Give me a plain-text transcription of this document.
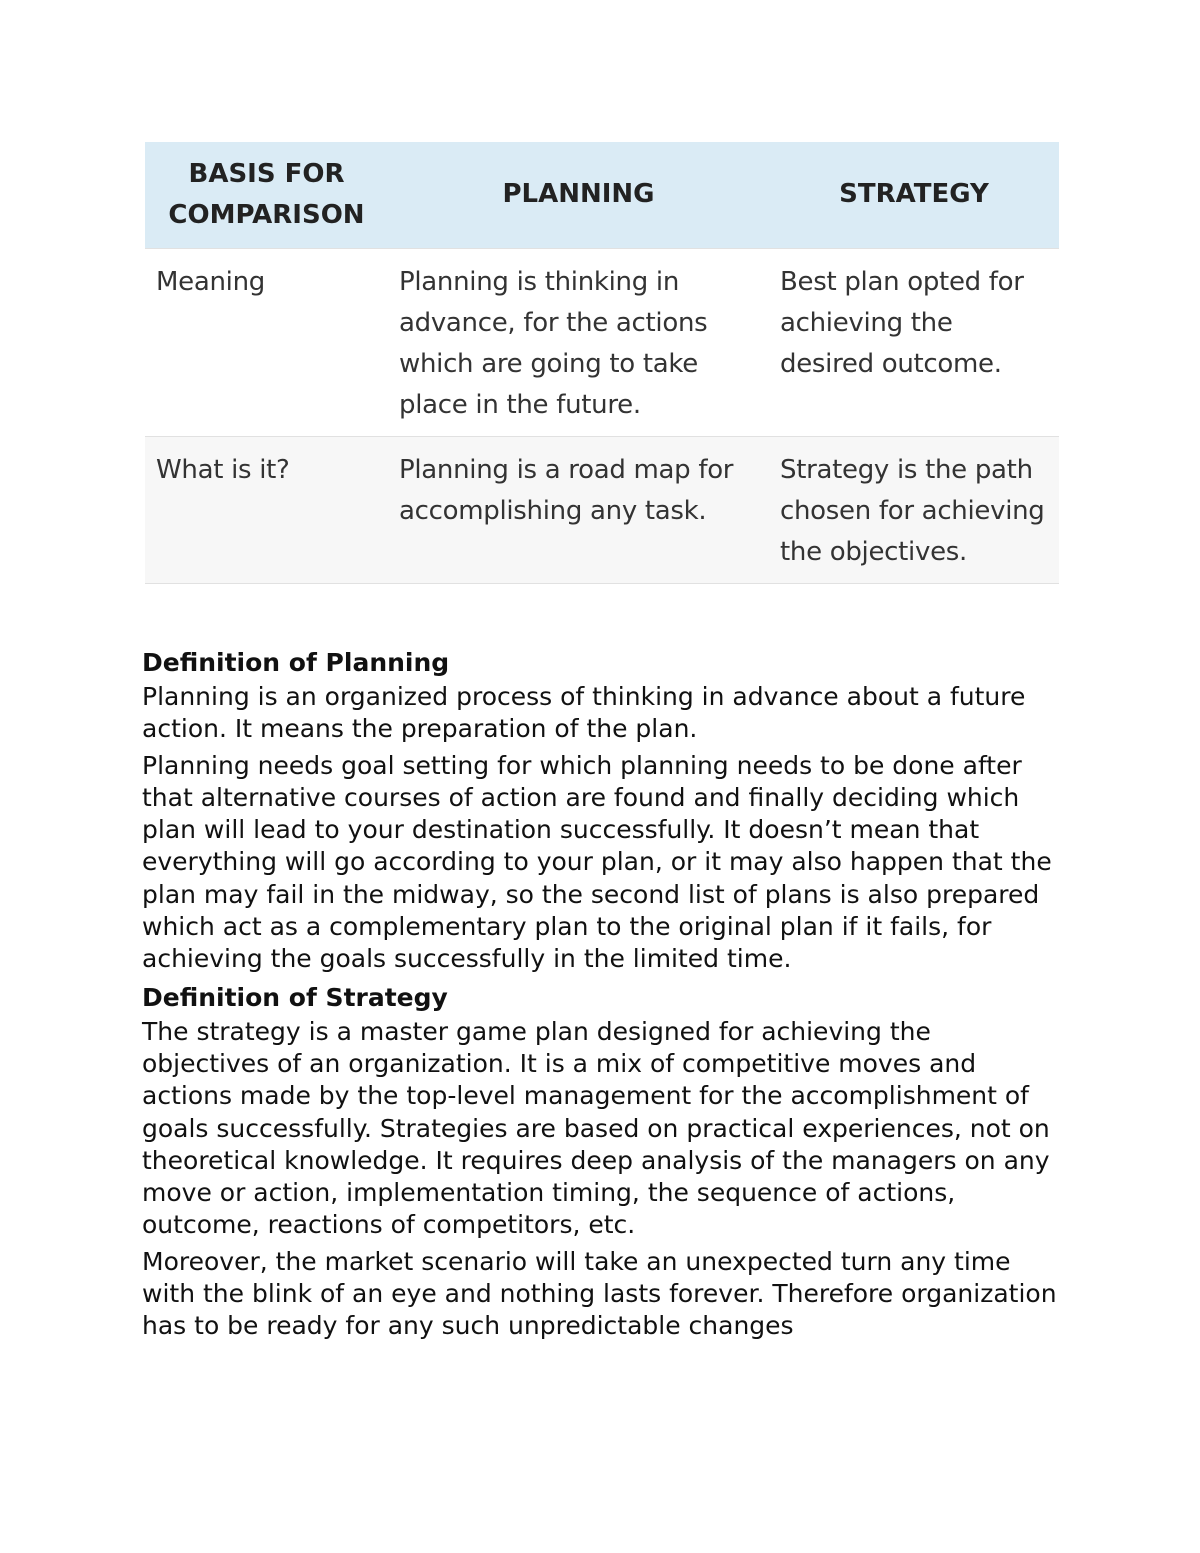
BASIS FOR COMPARISON	PLANNING	STRATEGY
Meaning	Planning is thinking in advance, for the actions which are going to take place in the future.	Best plan opted for achieving the desired outcome.
What is it?	Planning is a road map for accomplishing any task.	Strategy is the path chosen for achieving the objectives.
Definition of Planning

Planning is an organized process of thinking in advance about a future action. It means the preparation of the plan.

Planning needs goal setting for which planning needs to be done after that alternative courses of action are found and finally deciding which plan will lead to your destination successfully. It doesn’t mean that everything will go according to your plan, or it may also happen that the plan may fail in the midway, so the second list of plans is also prepared which act as a complementary plan to the original plan if it fails, for achieving the goals successfully in the limited time.

Definition of Strategy

The strategy is a master game plan designed for achieving the objectives of an organization. It is a mix of competitive moves and actions made by the top-level management for the accomplishment of goals successfully. Strategies are based on practical experiences, not on theoretical knowledge. It requires deep analysis of the managers on any move or action, implementation timing, the sequence of actions, outcome, reactions of competitors, etc.

Moreover, the market scenario will take an unexpected turn any time with the blink of an eye and nothing lasts forever. Therefore organization has to be ready for any such unpredictable changes
